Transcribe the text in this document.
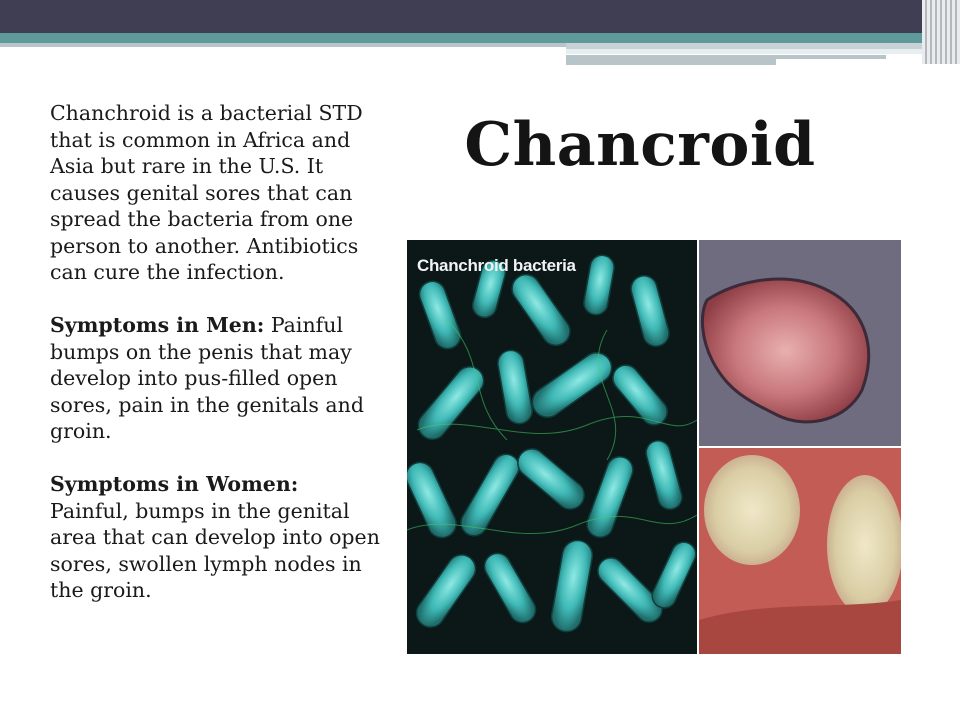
Chanchroid is a bacterial STD that is common in Africa and Asia but rare in the U.S. It causes genital sores that can spread the bacteria from one person to another. Antibiotics can cure the infection.

Symptoms in Men: Painful bumps on the penis that may develop into pus-filled open sores, pain in the genitals and groin.

Symptoms in Women: Painful, bumps in the genital area that can develop into open sores, swollen lymph nodes in the groin.

Chancroid
Chanchroid bacteria
